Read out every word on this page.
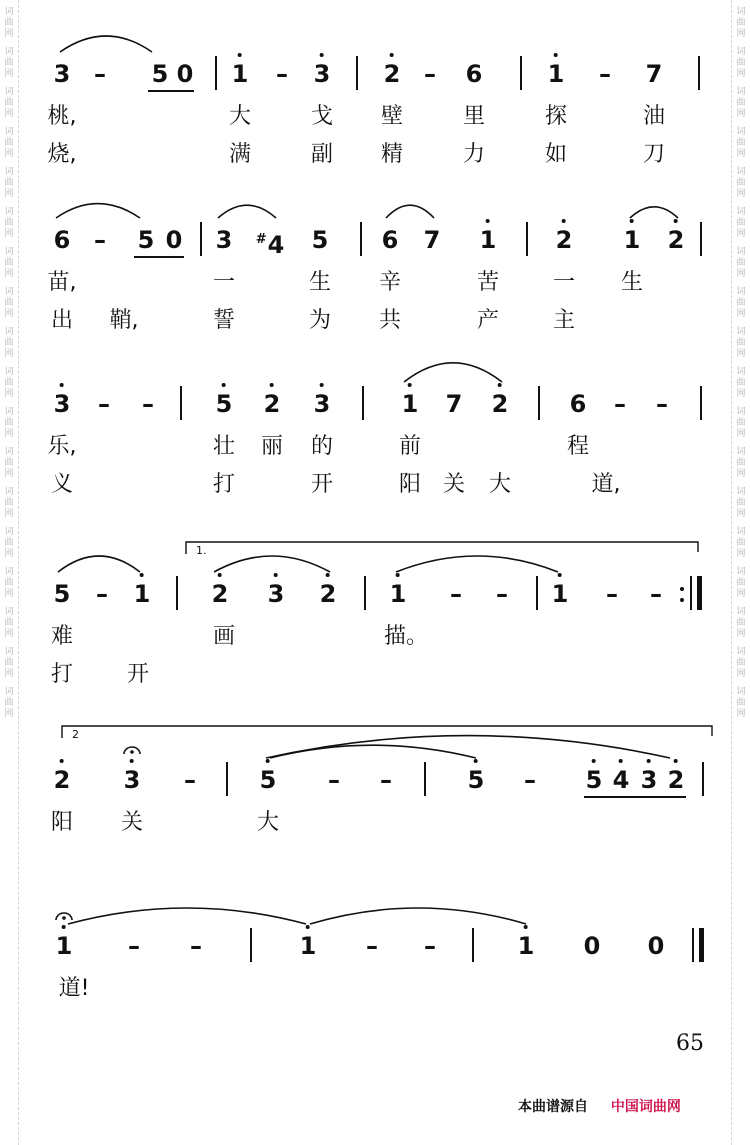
词
曲
网
词
曲
网
词
曲
网
词
曲
网
词
曲
网
词
曲
网
词
曲
网
词
曲
网
词
曲
网
词
曲
网
词
曲
网
词
曲
网
词
曲
网
词
曲
网
词
曲
网
词
曲
网
词
曲
网
词
曲
网
词
曲
网
词
曲
网
词
曲
网
词
曲
网
词
曲
网
词
曲
网
词
曲
网
词
曲
网
词
曲
网
词
曲
网
词
曲
网
词
曲
网
词
曲
网
词
曲
网
词
曲
网
词
曲
网
词
曲
网
词
曲
网
3 – 5 0 1 – 3 2 – 6	1 – 7
桃,	大	戈 壁	里	探	油
烧,	满	副 精	力	如	刀
6 – 5 0 3 #4 5 6 7 1 2 1 2
苗,	一	生 辛	苦 一 生
出 鞘,	誓	为 共	产 主
3 – –	5 2 3	1 7 2	6 – –
乐,	壮 丽 的	前	程
义	打	开	阳 关 大	道,
5 – 1	2 3 2 1 – – 1 – –
难	画	描。
打 开
2 3 –	5 – –	5 – 5 4 3 2
阳 关	大
1 – –	1 – –	1 0 0
道!
1.
2
65
本曲谱源自 中国词曲网
